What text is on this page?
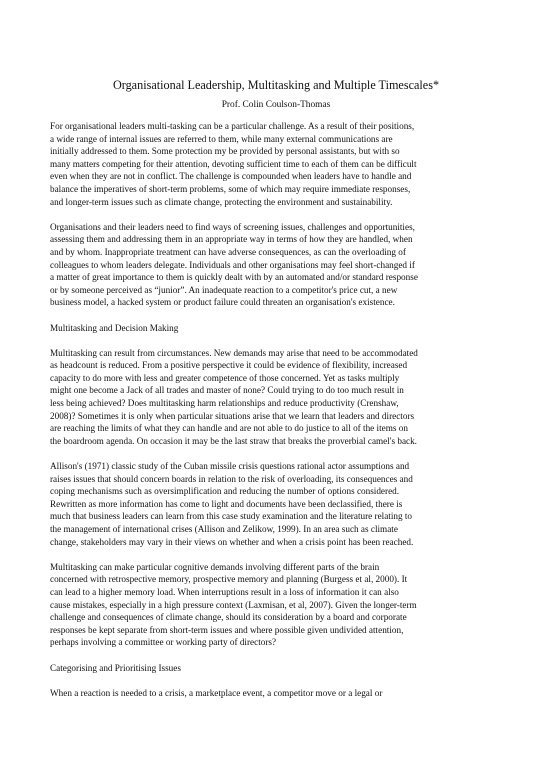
Organisational Leadership, Multitasking and Multiple Timescales*
Prof. Colin Coulson-Thomas
For organisational leaders multi-tasking can be a particular challenge. As a result of their positions,
a wide range of internal issues are referred to them, while many external communications are
initially addressed to them. Some protection my be provided by personal assistants, but with so
many matters competing for their attention, devoting sufficient time to each of them can be difficult
even when they are not in conflict. The challenge is compounded when leaders have to handle and
balance the imperatives of short-term problems, some of which may require immediate responses,
and longer-term issues such as climate change, protecting the environment and sustainability.
Organisations and their leaders need to find ways of screening issues, challenges and opportunities,
assessing them and addressing them in an appropriate way in terms of how they are handled, when
and by whom. Inappropriate treatment can have adverse consequences, as can the overloading of
colleagues to whom leaders delegate. Individuals and other organisations may feel short-changed if
a matter of great importance to them is quickly dealt with by an automated and/or standard response
or by someone perceived as “junior”. An inadequate reaction to a competitor's price cut, a new
business model, a hacked system or product failure could threaten an organisation's existence.
Multitasking and Decision Making
Multitasking can result from circumstances. New demands may arise that need to be accommodated
as headcount is reduced. From a positive perspective it could be evidence of flexibility, increased
capacity to do more with less and greater competence of those concerned. Yet as tasks multiply
might one become a Jack of all trades and master of none? Could trying to do too much result in
less being achieved? Does multitasking harm relationships and reduce productivity (Crenshaw,
2008)? Sometimes it is only when particular situations arise that we learn that leaders and directors
are reaching the limits of what they can handle and are not able to do justice to all of the items on
the boardroom agenda. On occasion it may be the last straw that breaks the proverbial camel's back.
Allison's (1971) classic study of the Cuban missile crisis questions rational actor assumptions and
raises issues that should concern boards in relation to the risk of overloading, its consequences and
coping mechanisms such as oversimplification and reducing the number of options considered.
Rewritten as more information has come to light and documents have been declassified, there is
much that business leaders can learn from this case study examination and the literature relating to
the management of international crises (Allison and Zelikow, 1999). In an area such as climate
change, stakeholders may vary in their views on whether and when a crisis point has been reached.
Multitasking can make particular cognitive demands involving different parts of the brain
concerned with retrospective memory, prospective memory and planning (Burgess et al, 2000). It
can lead to a higher memory load. When interruptions result in a loss of information it can also
cause mistakes, especially in a high pressure context (Laxmisan, et al, 2007). Given the longer-term
challenge and consequences of climate change, should its consideration by a board and corporate
responses be kept separate from short-term issues and where possible given undivided attention,
perhaps involving a committee or working party of directors?
Categorising and Prioritising Issues
When a reaction is needed to a crisis, a marketplace event, a competitor move or a legal or
